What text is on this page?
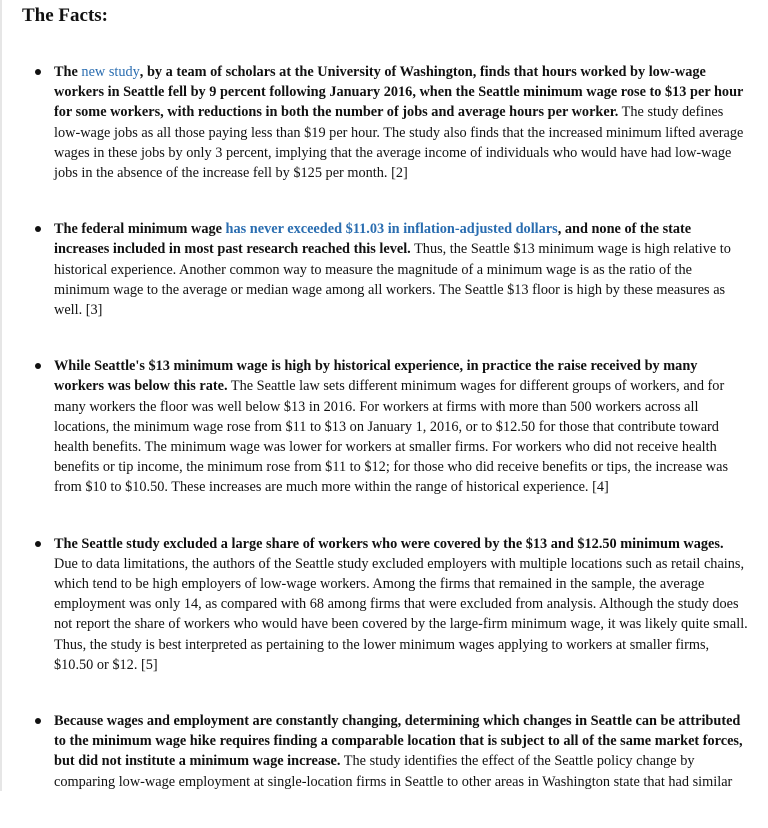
The Facts:
The new study, by a team of scholars at the University of Washington, finds that hours worked by low-wage workers in Seattle fell by 9 percent following January 2016, when the Seattle minimum wage rose to $13 per hour for some workers, with reductions in both the number of jobs and average hours per worker. The study defines low-wage jobs as all those paying less than $19 per hour. The study also finds that the increased minimum lifted average wages in these jobs by only 3 percent, implying that the average income of individuals who would have had low-wage jobs in the absence of the increase fell by $125 per month. [2]
The federal minimum wage has never exceeded $11.03 in inflation-adjusted dollars, and none of the state increases included in most past research reached this level. Thus, the Seattle $13 minimum wage is high relative to historical experience. Another common way to measure the magnitude of a minimum wage is as the ratio of the minimum wage to the average or median wage among all workers. The Seattle $13 floor is high by these measures as well. [3]
While Seattle's $13 minimum wage is high by historical experience, in practice the raise received by many workers was below this rate. The Seattle law sets different minimum wages for different groups of workers, and for many workers the floor was well below $13 in 2016. For workers at firms with more than 500 workers across all locations, the minimum wage rose from $11 to $13 on January 1, 2016, or to $12.50 for those that contribute toward health benefits. The minimum wage was lower for workers at smaller firms. For workers who did not receive health benefits or tip income, the minimum rose from $11 to $12; for those who did receive benefits or tips, the increase was from $10 to $10.50. These increases are much more within the range of historical experience. [4]
The Seattle study excluded a large share of workers who were covered by the $13 and $12.50 minimum wages. Due to data limitations, the authors of the Seattle study excluded employers with multiple locations such as retail chains, which tend to be high employers of low-wage workers. Among the firms that remained in the sample, the average employment was only 14, as compared with 68 among firms that were excluded from analysis. Although the study does not report the share of workers who would have been covered by the large-firm minimum wage, it was likely quite small. Thus, the study is best interpreted as pertaining to the lower minimum wages applying to workers at smaller firms, $10.50 or $12. [5]
Because wages and employment are constantly changing, determining which changes in Seattle can be attributed to the minimum wage hike requires finding a comparable location that is subject to all of the same market forces, but did not institute a minimum wage increase. The study identifies the effect of the Seattle policy change by comparing low-wage employment at single-location firms in Seattle to other areas in Washington state that had similar
